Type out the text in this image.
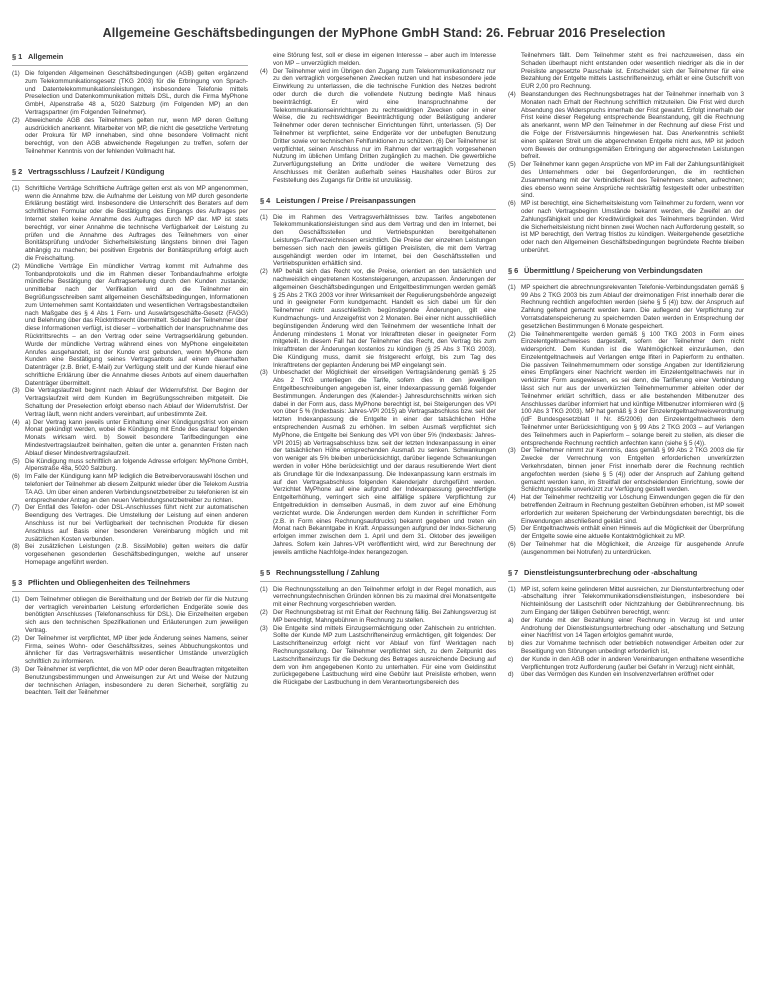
Allgemeine Geschäftsbedingungen der MyPhone GmbH Stand: 26. Februar 2016 Preselection
§ 1 Allgemein
(1) Die folgenden Allgemeinen Geschäftsbedingungen (AGB) gelten ergänzend zum Telekommunikationsgesetz (TKG 2003) für die Erbringung von Sprach- und Datentelekommunikationsleistungen, insbesondere Telefonie mittels Preselection und Datenkommunikation mittels DSL, durch die Firma MyPhone GmbH, Alpenstraße 48 a, 5020 Salzburg (im Folgenden MP) an den Vertragspartner (im Folgenden Teilnehmer).
(2) Abweichende AGB des Teilnehmers gelten nur, wenn MP deren Geltung ausdrücklich anerkennt. Mitarbeiter von MP, die nicht die gesetzliche Vertretung oder Prokura für MP innehaben, sind ohne besondere Vollmacht nicht berechtigt, von den AGB abweichende Regelungen zu treffen, sofern der Teilnehmer Kenntnis von der fehlenden Vollmacht hat.
§ 2 Vertragsschluss / Laufzeit / Kündigung
(1) Schriftliche Verträge Schriftliche Aufträge gelten erst als von MP angenommen, wenn die Annahme bzw. die Aufnahme der Leistung von MP durch gesonderte Erklärung bestätigt wird. Insbesondere die Unterschrift des Beraters auf dem schriftlichen Formular oder die Bestätigung des Eingangs des Auftrages per Internet stellen keine Annahme des Auftrages durch MP dar. MP ist stets berechtigt, vor einer Annahme die technische Verfügbarkeit der Leistung zu prüfen und die Annahme des Auftrages des Teilnehmers von einer Bonitätsprüfung und/oder Sicherheitsleistung längstens binnen drei Tagen abhängig zu machen; bei positiven Ergebnis der Bonitätsprüfung erfolgt auch die Freischaltung.
(2) Mündliche Verträge Ein mündlicher Vertrag kommt mit Aufnahme des Tonbandprotokolls und die im Rahmen dieser Tonbandaufnahme erfolgte mündliche Bestätigung der Auftragserteilung durch den Kunden zustande; unmittelbar nach der Verifikation wird an die Teilnehmer ein Begrüßungsschreiben samt allgemeinen Geschäftsbedingungen, Informationen zum Unternehmen samt Kontaktdaten und wesentlichen Vertragsbestandteilen nach Maßgabe des § 4 Abs 1 Fern- und Auswärtsgeschäfte-Gesetz (FAGG) und Belehrung über das Rücktrittsrecht übermittelt. Sobald der Teilnehmer über diese Informationen verfügt, ist dieser – vorbehaltlich der Inanspruchnahme des Rücktrittsrechts – an den Vertrag oder seine Vertragserklärung gebunden. Wurde der mündliche Vertrag während eines von MyPhone eingeleiteten Anrufes ausgehandelt, ist der Kunde erst gebunden, wenn MyPhone dem Kunden eine Bestätigung seines Vertragsanbots auf einem dauerhaften Datenträger (z.B. Brief, E-Mail) zur Verfügung stellt und der Kunde hierauf eine schriftliche Erklärung über die Annahme dieses Anbots auf einem dauerhaften Datenträger übermittelt.
(3) Die Vertragslaufzeit beginnt nach Ablauf der Widerrufsfrist. Der Beginn der Vertragslaufzeit wird dem Kunden im Begrüßungsschreiben mitgeteilt. Die Schaltung der Preselection erfolgt ebenso nach Ablauf der Widerrufsfrist. Der Vertrag läuft, wenn nicht anders vereinbart, auf unbestimmte Zeit.
(4) a) Der Vertrag kann jeweils unter Einhaltung einer Kündigungsfrist von einem Monat gekündigt werden, wobei die Kündigung mit Ende des darauf folgenden Monats wirksam wird. b) Soweit besondere Tarifbedingungen eine Mindestvertragslaufzeit beinhalten, gelten die unter a. genannten Fristen nach Ablauf dieser Mindestvertragslaufzeit.
(5) Die Kündigung muss schriftlich an folgende Adresse erfolgen: MyPhone GmbH, Alpenstraße 48a, 5020 Salzburg.
(6) Im Falle der Kündigung kann MP lediglich die Betreibervorauswahl löschen und telefoniert der Teilnehmer ab diesem Zeitpunkt wieder über die Telekom Austria TA AG. Um über einen anderen Verbindungsnetzbetreiber zu telefonieren ist ein entsprechender Antrag an den neuen Verbindungsnetzbetreiber zu richten.
(7) Der Entfall des Telefon- oder DSL-Anschlusses führt nicht zur automatischen Beendigung des Vertrages. Die Umstellung der Leistung auf einen anderen Anschluss ist nur bei Verfügbarkeit der technischen Produkte für diesen Anschluss auf Basis einer besonderen Vereinbarung möglich und mit zusätzlichen Kosten verbunden.
(8) Bei zusätzlichen Leistungen (z.B. SissiMobile) gelten weiters die dafür vorgesehenen gesonderten Geschäftsbedingungen, welche auf unserer Homepage angeführt werden.
§ 3 Pflichten und Obliegenheiten des Teilnehmers
(1) Dem Teilnehmer obliegen die Bereithaltung und der Betrieb der für die Nutzung der vertraglich vereinbarten Leistung erforderlichen Endgeräte sowie des benötigten Anschlusses (Telefonanschluss für DSL). Die Einzelheiten ergeben sich aus den technischen Spezifikationen und Erläuterungen zum jeweiligen Vertrag.
(2) Der Teilnehmer ist verpflichtet, MP über jede Änderung seines Namens, seiner Firma, seines Wohn- oder Geschäftssitzes, seines Abbuchungskontos und ähnlicher für das Vertragsverhältnis wesentlicher Umstände unverzüglich schriftlich zu informieren.
(3) Der Teilnehmer ist verpflichtet, die von MP oder deren Beauftragten mitgeteilten Benutzungsbestimmungen und Anweisungen zur Art und Weise der Nutzung der technischen Anlagen, insbesondere zu deren Sicherheit, sorgfältig zu beachten. Teilt der Teilnehmer
eine Störung fest, soll er diese im eigenen Interesse – aber auch im Interesse von MP – unverzüglich melden.
(4) Der Teilnehmer wird im Übrigen den Zugang zum Telekommunikationsnetz nur zu den vertraglich vorgesehenen Zwecken nutzen und hat insbesondere jede Einwirkung zu unterlassen, die die technische Funktion des Netzes bedroht oder durch die durch die vollendete Nutzung bedingte Maß hinaus beeinträchtigt. Er wird eine Inanspruchnahme der Telekommunikationseinrichtungen zu rechtswidrigen Zwecken oder in einer Weise, die zu rechtswidriger Beeinträchtigung oder Belästigung anderer Teilnehmer oder deren technischer Einrichtungen führt, unterlassen. (5) Der Teilnehmer ist verpflichtet, seine Endgeräte vor der unbefugten Benutzung Dritter sowie vor technischen Fehlfunktionen zu schützen. (6) Der Teilnehmer ist verpflichtet, seinen Anschluss nur im Rahmen der vertraglich vorgesehenen Nutzung im üblichen Umfang Dritten zugänglich zu machen. Die gewerbliche Zurverfügungstellung an Dritte und/oder die weitere Vernetzung des Anschlusses mit Geräten außerhalb seines Haushaltes oder Büros zur Feststellung des Zugangs für Dritte ist unzulässig.
§ 4 Leistungen / Preise / Preisanpassungen
(1) Die im Rahmen des Vertragsverhältnisses bzw. Tarifes angebotenen Telekommunikationsleistungen sind aus dem Vertrag und den im Internet, bei den Geschäftsstellen und Vertriebspunkten bereitgehaltenen Leistungs-/Tarifverzeichnissen ersichtlich. Die Preise der einzelnen Leistungen bemessen sich nach den jeweils gültigen Preislisten, die mit dem Vertrag ausgehändigt werden oder im Internet, bei den Geschäftsstellen und Vertriebspunkten erhältlich sind.
(2) MP behält sich das Recht vor, die Preise, orientiert an den tatsächlich und nachweislich eingetretenen Kostensteigerungen, anzupassen. Änderungen der allgemeinen Geschäftsbedingungen und Entgeltbestimmungen werden gemäß § 25 Abs 2 TKG 2003 vor ihrer Wirksamkeit der Regulierungsbehörde angezeigt und in geeigneter Form kundgemacht. Handelt es sich dabei um für den Teilnehmer nicht ausschließlich begünstigende Änderungen, gilt eine Kundmachungs- und Anzeigefrist von 2 Monaten. Bei einer nicht ausschließlich begünstigenden Änderung wird den Teilnehmern der wesentliche Inhalt der Änderung mindestens 1 Monat vor Inkrafttreten dieser in geeigneter Form mitgeteilt. In diesem Fall hat der Teilnehmer das Recht, den Vertrag bis zum Inkrafttreten der Änderungen kostenlos zu kündigen (§ 25 Abs 3 TKG 2003). Die Kündigung muss, damit sie fristgerecht erfolgt, bis zum Tag des Inkrafttretens der geplanten Änderung bei MP eingelangt sein.
(3) Unbeschadet der Möglichkeit der einseitigen Vertragsänderung gemäß § 25 Abs 2 TKG unterliegen die Tarife, sofern dies in den jeweiligen Entgeltbeschreibungen angegeben ist, einer Indexanpassung gemäß folgender Bestimmungen. Änderungen des (Kalender-) Jahresdurchschnitts wirken sich dabei in der Form aus, dass MyPhone berechtigt ist, bei Steigerungen des VPI von über 5 % (Indexbasis: Jahres-VPI 2015) ab Vertragsabschluss bzw. seit der letzten Indexanpassung die Entgelte in einer der tatsächlichen Höhe entsprechenden Ausmaß zu erhöhen. Im selben Ausmaß verpflichtet sich MyPhone, die Entgelte bei Senkung des VPI von über 5% (Indexbasis: Jahres-VPI 2015) ab Vertragsabschluss bzw. seit der letzten Indexanpassung in einer der tatsächlichen Höhe entsprechenden Ausmaß zu senken. Schwankungen von weniger als 5% bleiben unberücksichtigt, darüber liegende Schwankungen werden in voller Höhe berücksichtigt und der daraus resultierende Wert dient als Grundlage für die Indexanpassung. Die Indexanpassung kann erstmals im auf den Vertragsabschluss folgenden Kalenderjahr durchgeführt werden. Verzichtet MyPhone auf eine aufgrund der Indexanpassung gerechtfertigte Entgelterhöhung, verringert sich eine allfällige spätere Verpflichtung zur Entgeltreduktion in demselben Ausmaß, in dem zuvor auf eine Erhöhung verzichtet wurde. Die Änderungen werden dem Kunden in schriftlicher Form (z.B. in Form eines Rechnungsaufdrucks) bekannt gegeben und treten ein Monat nach Bekanntgabe in Kraft. Anpassungen aufgrund der Index-Sicherung erfolgen immer zwischen dem 1. April und dem 31. Oktober des jeweiligen Jahres. Sofern kein Jahres-VPI veröffentlicht wird, wird zur Berechnung der jeweils amtliche Nachfolge-Index herangezogen.
§ 5 Rechnungsstellung / Zahlung
(1) Die Rechnungsstellung an den Teilnehmer erfolgt in der Regel monatlich, aus verrechnungstechnischen Gründen können bis zu maximal drei Monatsentgelte mit einer Rechnung vorgeschrieben werden.
(2) Der Rechnungsbetrag ist mit Erhalt der Rechnung fällig. Bei Zahlungsverzug ist MP berechtigt, Mahngebühren in Rechnung zu stellen.
(3) Die Entgelte sind mittels Einzugsermächtigung oder Zahlschein zu entrichten. Sollte der Kunde MP zum Lastschrifteneinzug ermächtigen, gilt folgendes: Der Lastschrifteneinzug erfolgt nicht vor Ablauf von fünf Werktagen nach Rechnungsstellung. Der Teilnehmer verpflichtet sich, zu dem Zeitpunkt des Lastschrifteneinzugs für die Deckung des Betrages ausreichende Deckung auf dem von ihm angegebenen Konto zu unterhalten. Für eine vom Geldinstitut zurückgegebene Lastbuchung wird eine Gebühr laut Preisliste erhoben, wenn die Rückgabe der Lastbuchung in dem Verantwortungsbereich des
Teilnehmers fällt. Dem Teilnehmer steht es frei nachzuweisen, dass ein Schaden überhaupt nicht entstanden oder wesentlich niedriger als die in der Preisliste angesetzte Pauschale ist. Entscheidet sich der Teilnehmer für eine Bezahlung der Entgelte mittels Lastschrifteneinzug, erhält er eine Gutschrift von EUR 2,00 pro Rechnung.
(4) Beanstandungen des Rechnungsbetrages hat der Teilnehmer innerhalb von 3 Monaten nach Erhalt der Rechnung schriftlich mitzuteilen. Die Frist wird durch Absendung des Widerspruchs innerhalb der Frist gewahrt. Erfolgt innerhalb der Frist keine dieser Regelung entsprechende Beanstandung, gilt die Rechnung als anerkannt, wenn MP den Teilnehmer in der Rechnung auf diese Frist und die Folge der Fristversäumnis hingewiesen hat. Das Anerkenntnis schließt einen späteren Streit um die abgerechneten Entgelte nicht aus, MP ist jedoch vom Beweis der ordnungsgemäßen Erbringung der abgerechneten Leistungen befreit.
(5) Der Teilnehmer kann gegen Ansprüche von MP im Fall der Zahlungsunfähigkeit des Unternehmers oder bei Gegenforderungen, die im rechtlichen Zusammenhang mit der Verbindlichkeit des Teilnehmers stehen, aufrechnen; dies ebenso wenn seine Ansprüche rechtskräftig festgestellt oder unbestritten sind.
(6) MP ist berechtigt, eine Sicherheitsleistung vom Teilnehmer zu fordern, wenn vor oder nach Vertragsbeginn Umstände bekannt werden, die Zweifel an der Zahlungsfähigkeit und der Kreditwürdigkeit des Teilnehmers begründen. Wird die Sicherheitsleistung nicht binnen zwei Wochen nach Aufforderung gestellt, so ist MP berechtigt, den Vertrag fristlos zu kündigen. Weitergehende gesetzliche oder nach den Allgemeinen Geschäftsbedingungen begründete Rechte bleiben unberührt.
§ 6 Übermittlung / Speicherung von Verbindungsdaten
(1) MP speichert die abrechnungsrelevanten Telefonie-Verbindungsdaten gemäß § 99 Abs 2 TKG 2003 bis zum Ablauf der dreimonatigen Frist innerhalb derer die Rechnung rechtlich angefochten werden (siehe § 5 (4)) bzw. der Anspruch auf Zahlung geltend gemacht werden kann. Die auflegend der Verpflichtung zur Vorratsdatenspeicherung zu speichernden Daten werden in Entsprechung der gesetzlichen Bestimmungen 6 Monate gespeichert.
(2) Die Teilnehmerentgelte werden gemäß § 100 TKG 2003 in Form eines Einzelentgeltnachweises dargestellt, sofern der Teilnehmer dem nicht widerspricht. Dem Kunden ist die Wahlmöglichkeit einzuräumen, den Einzelentgeltnachweis auf Verlangen entge Ifiteri in Papierform zu enthalten. Die passiven Teilnehmernummern oder sonstige Angaben zur Identifizierung eines Empfängers einer Nachricht werden im Einzelentgeltnachweis nur in verkürzter Form ausgewiesen, es sei denn, die Tarifierung einer Verbindung lässt sich nur aus der unverkürzten Teilnehmernummer ableiten oder der Teilnehmer erklärt schriftlich, dass er alle bestehenden Mitbenutzer des Anschlusses darüber informiert hat und künftige Mitbenutzer informieren wird (§ 100 Abs 3 TKG 2003). MP hat gemäß § 3 der Einzelentgeltnachweisverordnung (idF Bundesgesetzblatt II Nr. 85/2006) den Einzelentgeltnachweis dem Teilnehmer unter Berücksichtigung von § 99 Abs 2 TKG 2003 – auf Verlangen des Teilnehmers auch in Papierform – solange bereit zu stellen, als dieser die entsprechende Rechnung rechtlich anfechten kann (siehe § 5 (4)).
(3) Der Teilnehmer nimmt zur Kenntnis, dass gemäß § 99 Abs 2 TKG 2003 die für Zwecke der Verrechnung von Entgelten erforderlichen unverkürzten Verkehrsdaten, binnen jener Frist innerhalb derer die Rechnung rechtlich angefochten werden (siehe § 5 (4)) oder der Anspruch auf Zahlung geltend gemacht werden kann, im Streitfall der entscheidenden Einrichtung, sowie der Schlichtungsstelle unverkürzt zur Verfügung gestellt werden.
(4) Hat der Teilnehmer rechtzeitig vor Löschung Einwendungen gegen die für den betreffenden Zeitraum in Rechnung gestellten Gebühren erhoben, ist MP soweit erforderlich zur weiteren Speicherung der Verbindungsdaten berechtigt, bis die Einwendungen abschließend geklärt sind.
(5) Der Entgeltnachweis enthält einen Hinweis auf die Möglichkeit der Überprüfung der Entgelte sowie eine aktuelle Kontaktmöglichkeit zu MP.
(6) Der Teilnehmer hat die Möglichkeit, die Anzeige für ausgehende Anrufe (ausgenommen bei Notrufen) zu unterdrücken.
§ 7 Dienstleistungsunterbrechung oder -abschaltung
(1) MP ist, sofern keine gelinderen Mittel ausreichen, zur Dienstunterbrechung oder -abschaltung ihrer Telekommunikationsdienstleistungen, insbesondere bei Nichteinlösung der Lastschrift oder Nichtzahlung der Gebührenrechnung. bis zum Eingang der fälligen Gebühren berechtigt, wenn:
a)	der Kunde mit der Bezahlung einer Rechnung in Verzug ist und unter Androhung der Dienstleistungsunterbrechung oder -abschaltung und Setzung einer Nachfrist von 14 Tagen erfolglos gemahnt wurde,
b)	dies zur Vornahme technisch oder betrieblich notwendiger Arbeiten oder zur Beseitigung von Störungen unbedingt erforderlich ist,
c)	der Kunde in den AGB oder in anderen Vereinbarungen enthaltene wesentliche Verpflichtungen trotz Aufforderung (außer bei Gefahr in Verzug) nicht einhält,
d)	über das Vermögen des Kunden ein Insolvenzverfahren eröffnet oder
